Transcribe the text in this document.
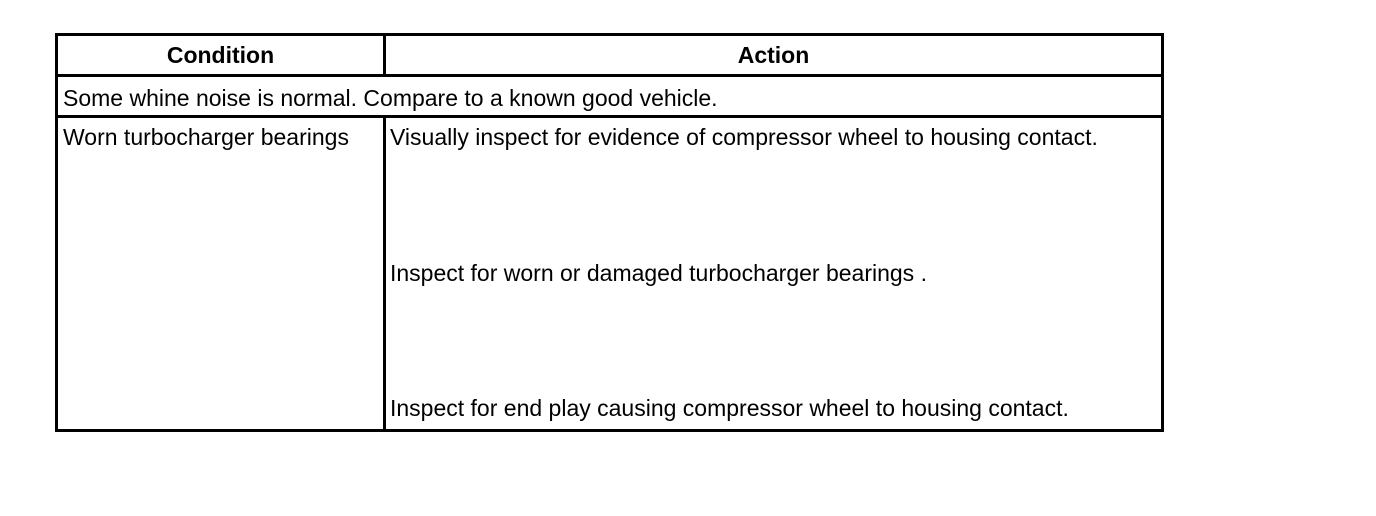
Condition	Action
Some whine noise is normal. Compare to a known good vehicle.
Worn turbocharger bearings Visually inspect for evidence of compressor wheel to housing contact.
Inspect for worn or damaged turbocharger bearings .
Inspect for end play causing compressor wheel to housing contact.
